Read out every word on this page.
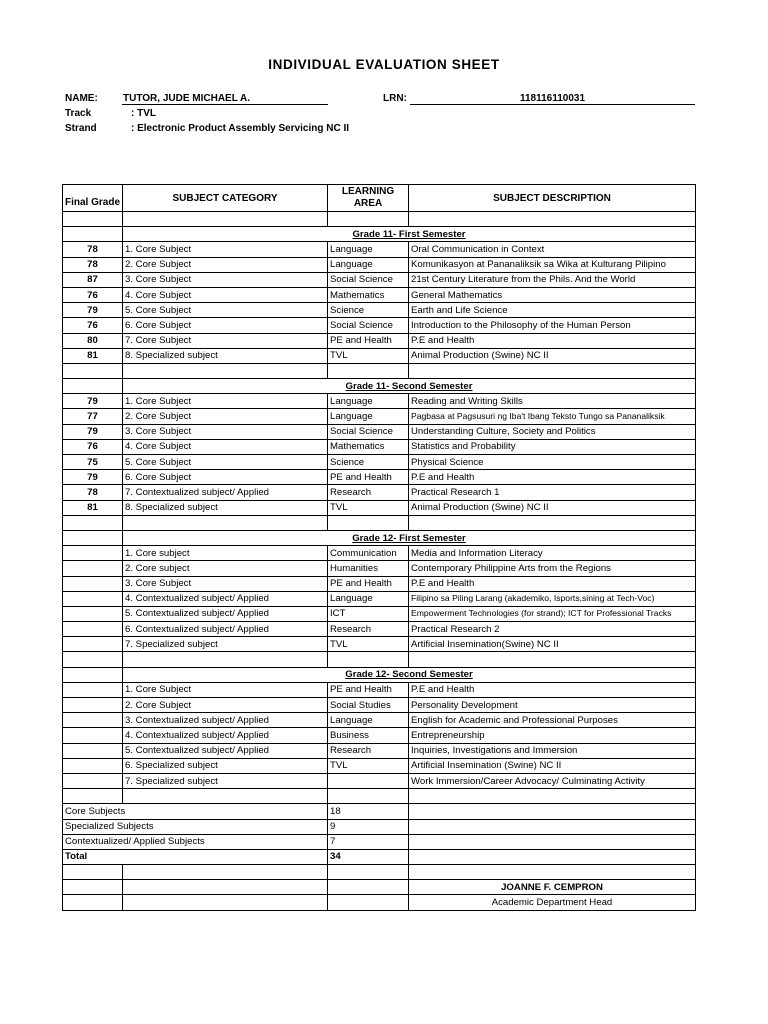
INDIVIDUAL EVALUATION SHEET
NAME:	TUTOR, JUDE MICHAEL A.	LRN:	118116110031
Track	: TVL
Strand	: Electronic Product Assembly Servicing NC II
Final Grade	SUBJECT CATEGORY	LEARNING AREA	SUBJECT DESCRIPTION

	Grade 11- First Semester		
78	1. Core Subject	Language	Oral Communication in Context
78	2. Core Subject	Language	Komunikasyon at Pananaliksik sa Wika at Kulturang Pilipino
87	3. Core Subject	Social Science	21st Century Literature from the Phils. And the World
76	4. Core Subject	Mathematics	General Mathematics
79	5. Core Subject	Science	Earth and Life Science
76	6. Core Subject	Social Science	Introduction to the Philosophy of the Human Person
80	7. Core Subject	PE and Health	P.E and Health
81	8. Specialized subject	TVL	Animal Production (Swine) NC II

	Grade 11- Second Semester		
79	1. Core Subject	Language	Reading and Writing Skills
77	2. Core Subject	Language	Pagbasa at Pagsusuri ng Iba't Ibang Teksto Tungo sa Pananaliksik
79	3. Core Subject	Social Science	Understanding Culture, Society and Politics
76	4. Core Subject	Mathematics	Statistics and Probability
75	5. Core Subject	Science	Physical Science
79	6. Core Subject	PE and Health	P.E and Health
78	7. Contextualized subject/ Applied	Research	Practical Research 1
81	8. Specialized subject	TVL	Animal Production (Swine) NC II

	Grade 12- First Semester		
	1. Core subject	Communication	Media and Information Literacy
	2. Core subject	Humanities	Contemporary Philippine Arts from the Regions
	3. Core Subject	PE and Health	P.E and Health
	4. Contextualized subject/ Applied	Language	Filipino sa Piling Larang (akademiko, Isports,sining at Tech-Voc)
	5. Contextualized subject/ Applied	ICT	Empowerment Technologies (for strand); ICT for Professional Tracks
	6. Contextualized subject/ Applied	Research	Practical Research 2
	7. Specialized subject	TVL	Artificial Insemination(Swine) NC II

	Grade 12- Second Semester		
	1. Core Subject	PE and Health	P.E and Health
	2. Core Subject	Social Studies	Personality Development
	3. Contextualized subject/ Applied	Language	English for Academic and Professional Purposes
	4. Contextualized subject/ Applied	Business	Entrepreneurship
	5. Contextualized subject/ Applied	Research	Inquiries, Investigations and Immersion
	6. Specialized subject	TVL	Artificial Insemination (Swine) NC II
	7. Specialized subject		Work Immersion/Career Advocacy/ Culminating Activity

Core Subjects		18	
Specialized Subjects		9	
Contextualized/ Applied Subjects		7	
Total		34	

			JOANNE F. CEMPRON
			Academic Department Head
